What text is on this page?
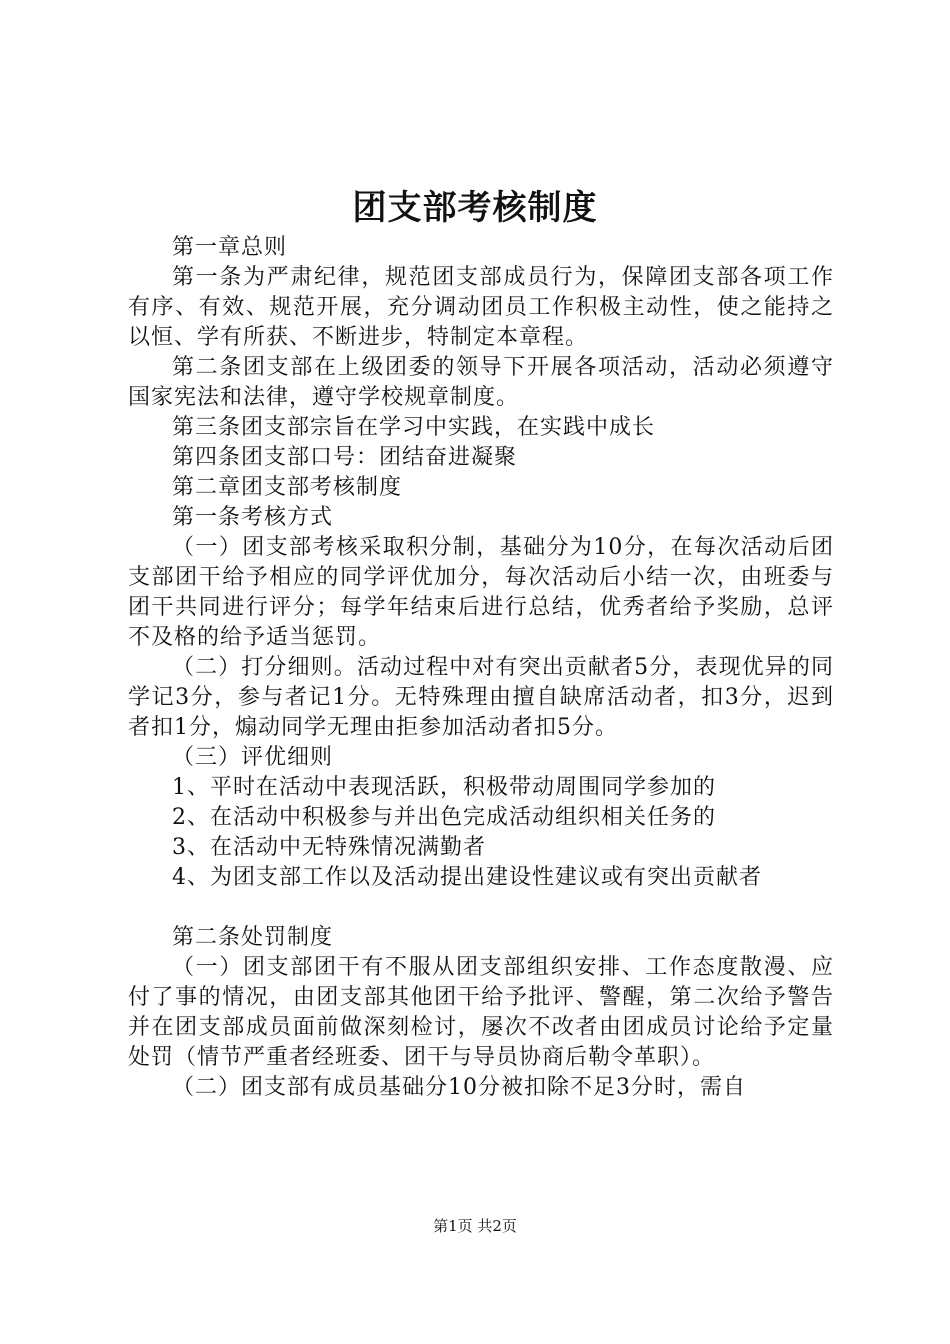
团支部考核制度

第一章总则

第一条为严肃纪律，规范团支部成员行为，保障团支部各项工作有序、有效、规范开展，充分调动团员工作积极主动性，使之能持之以恒、学有所获、不断进步，特制定本章程。

第二条团支部在上级团委的领导下开展各项活动，活动必须遵守国家宪法和法律，遵守学校规章制度。

第三条团支部宗旨在学习中实践，在实践中成长

第四条团支部口号：团结奋进凝聚

第二章团支部考核制度

第一条考核方式

（一）团支部考核采取积分制，基础分为10分，在每次活动后团支部团干给予相应的同学评优加分，每次活动后小结一次，由班委与团干共同进行评分；每学年结束后进行总结，优秀者给予奖励，总评不及格的给予适当惩罚。

（二）打分细则。活动过程中对有突出贡献者5分，表现优异的同学记3分，参与者记1分。无特殊理由擅自缺席活动者，扣3分，迟到者扣1分，煽动同学无理由拒参加活动者扣5分。

（三）评优细则

1、平时在活动中表现活跃，积极带动周围同学参加的

2、在活动中积极参与并出色完成活动组织相关任务的

3、在活动中无特殊情况满勤者

4、为团支部工作以及活动提出建设性建议或有突出贡献者

第二条处罚制度

（一）团支部团干有不服从团支部组织安排、工作态度散漫、应付了事的情况，由团支部其他团干给予批评、警醒，第二次给予警告并在团支部成员面前做深刻检讨，屡次不改者由团成员讨论给予定量处罚（情节严重者经班委、团干与导员协商后勒令革职）。

（二）团支部有成员基础分10分被扣除不足3分时，需自

第1页 共2页
